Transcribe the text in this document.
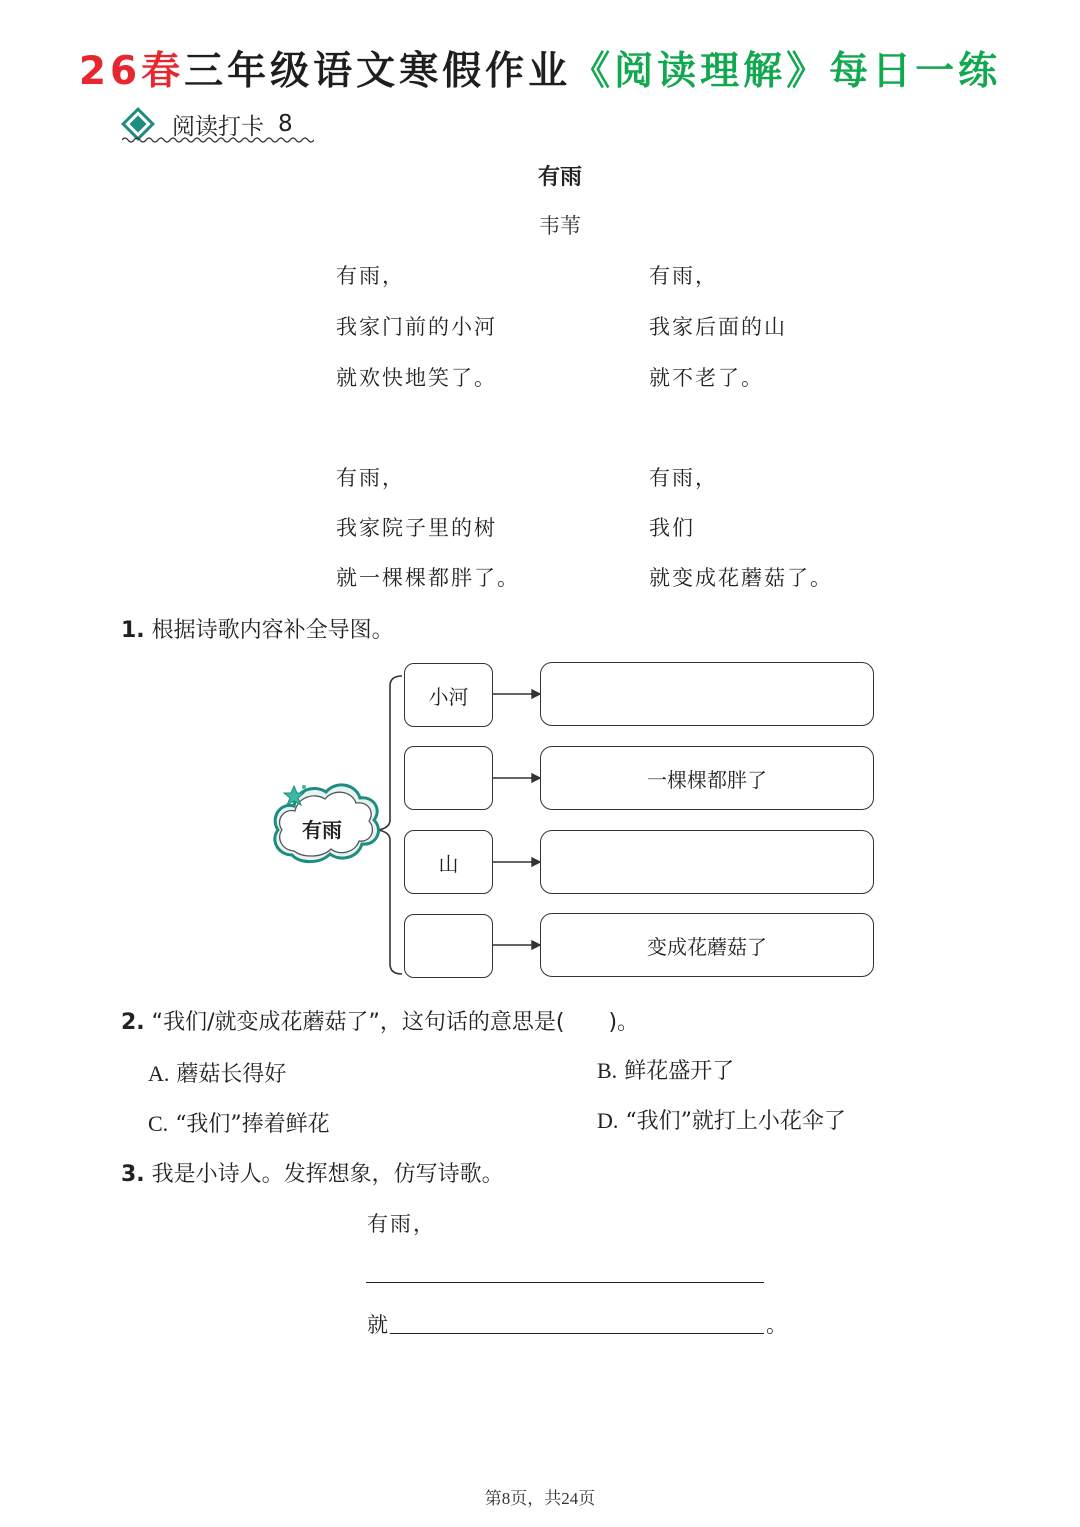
26春三年级语文寒假作业《阅读理解》每日一练
阅读打卡 8
有雨
韦苇
有雨，
我家门前的小河
就欢快地笑了。
有雨，
我家院子里的树
就一棵棵都胖了。
有雨，
我家后面的山
就不老了。
有雨，
我们
就变成花蘑菇了。
1. 根据诗歌内容补全导图。
有雨
小河
山
一棵棵都胖了
变成花蘑菇了
2. “我们/就变成花蘑菇了”，这句话的意思是(　　)。
A. 蘑菇长得好	B. 鲜花盛开了
C. “我们”捧着鲜花	D. “我们”就打上小花伞了
3. 我是小诗人。发挥想象，仿写诗歌。
有雨，
就	。
第8页，共24页
